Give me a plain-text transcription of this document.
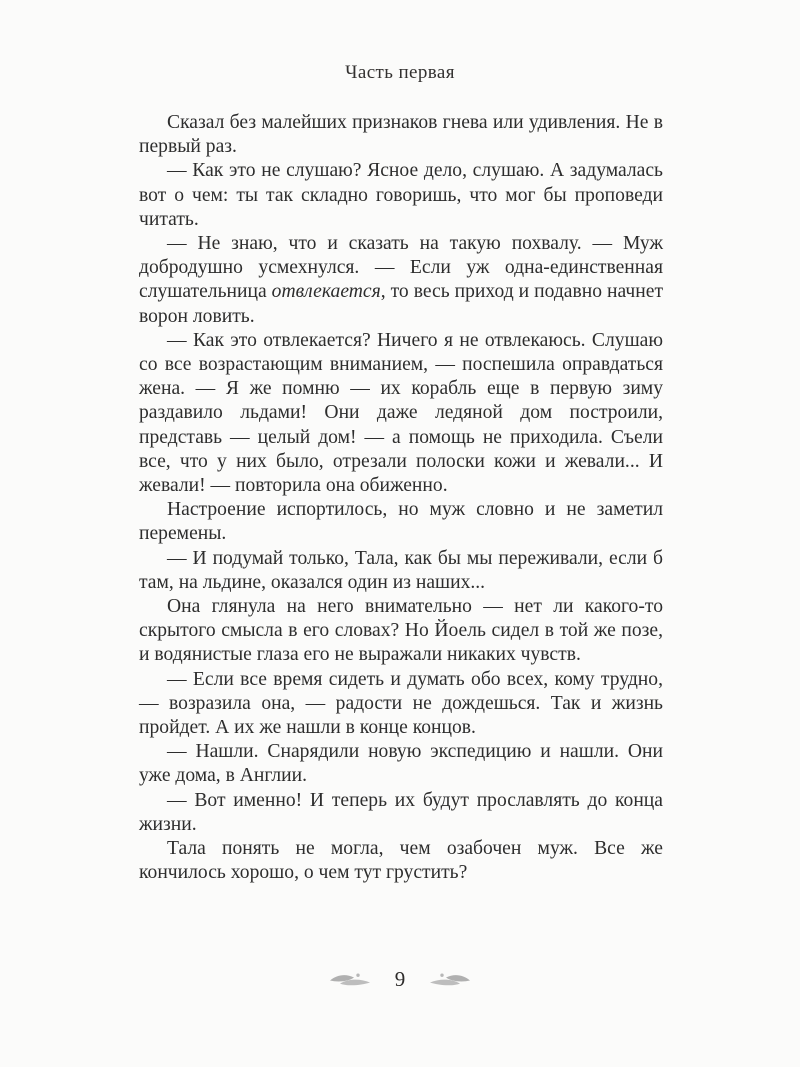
Часть первая

Сказал без малейших признаков гнева или удивления. Не в первый раз.

— Как это не слушаю? Ясное дело, слушаю. А задумалась вот о чем: ты так складно говоришь, что мог бы проповеди читать.

— Не знаю, что и сказать на такую похвалу. — Муж добродушно усмехнулся. — Если уж одна-единственная слушательница отвлекается, то весь приход и подавно начнет ворон ловить.

— Как это отвлекается? Ничего я не отвлекаюсь. Слушаю со все возрастающим вниманием, — поспешила оправдаться жена. — Я же помню — их корабль еще в первую зиму раздавило льдами! Они даже ледяной дом построили, представь — целый дом! — а помощь не приходила. Съели все, что у них было, отрезали полоски кожи и жевали... И жевали! — повторила она обиженно.

Настроение испортилось, но муж словно и не заметил перемены.

— И подумай только, Тала, как бы мы переживали, если б там, на льдине, оказался один из наших...

Она глянула на него внимательно — нет ли какого-то скрытого смысла в его словах? Но Йоель сидел в той же позе, и водянистые глаза его не выражали никаких чувств.

— Если все время сидеть и думать обо всех, кому трудно, — возразила она, — радости не дождешься. Так и жизнь пройдет. А их же нашли в конце концов.

— Нашли. Снарядили новую экспедицию и нашли. Они уже дома, в Англии.

— Вот именно! И теперь их будут прославлять до конца жизни.

Тала понять не могла, чем озабочен муж. Все же кончилось хорошо, о чем тут грустить?

9
